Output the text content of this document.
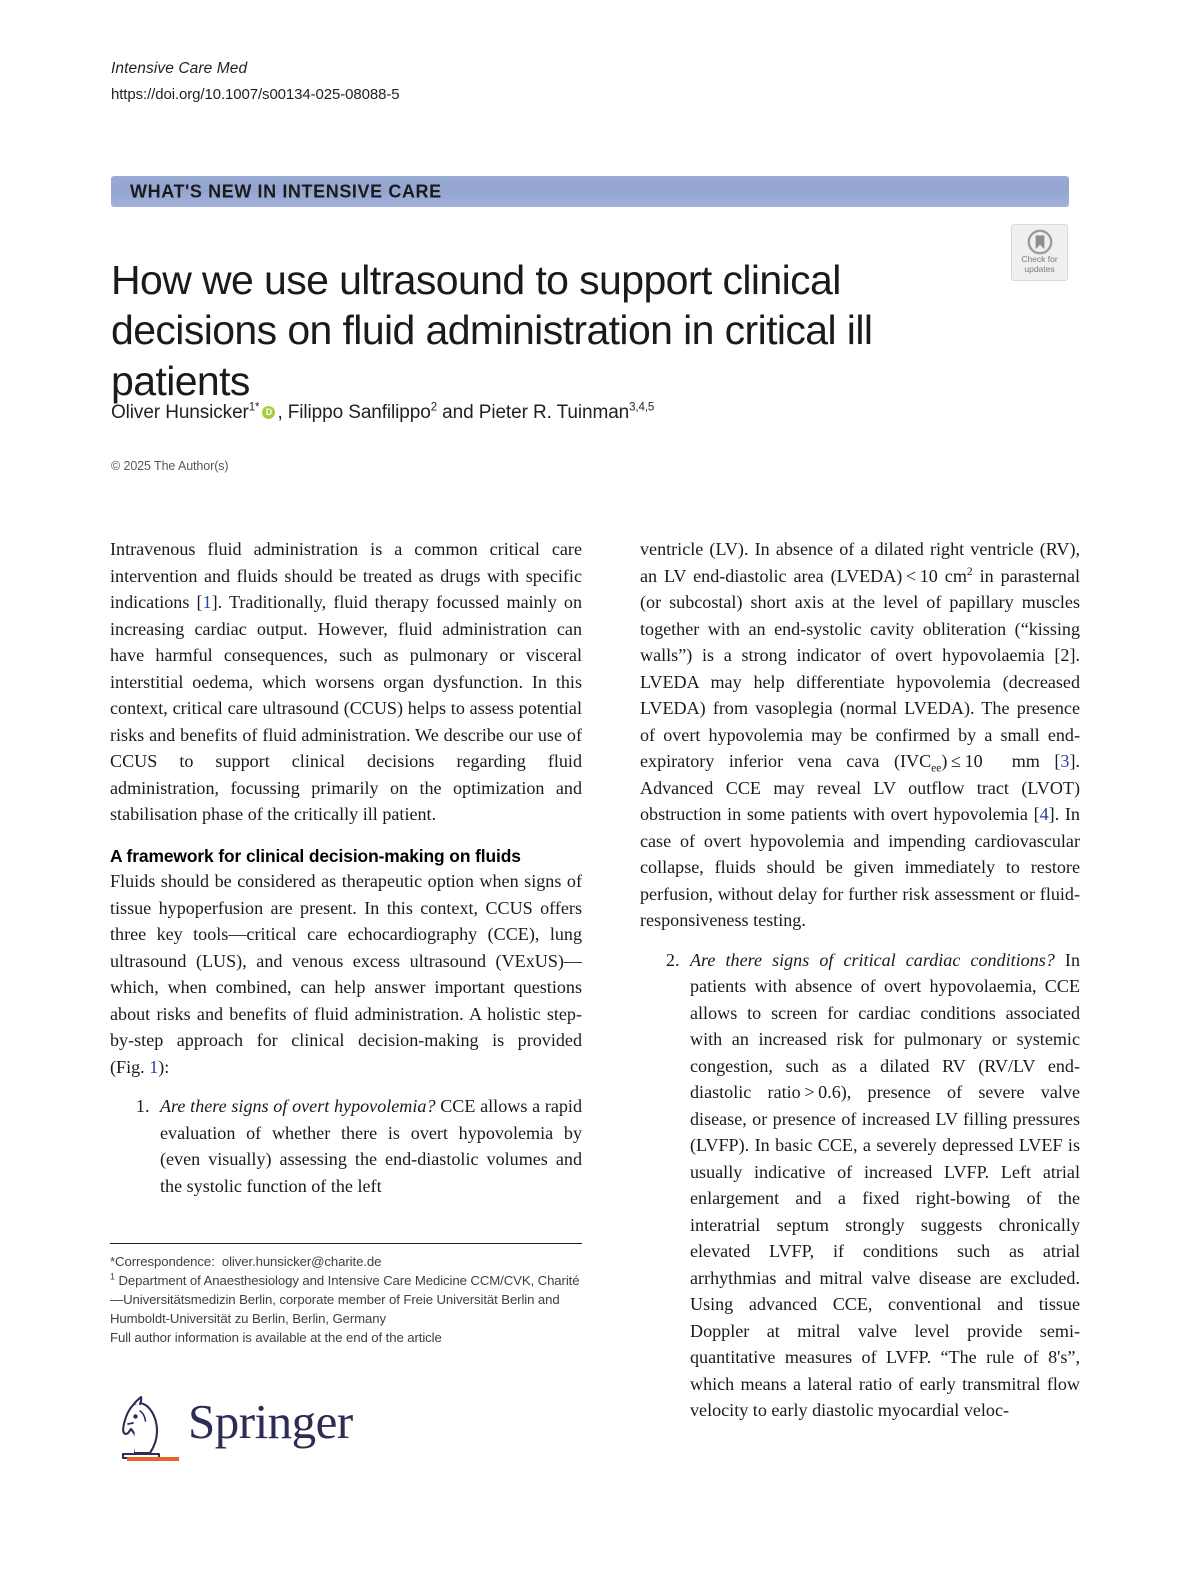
Intensive Care Med
https://doi.org/10.1007/s00134-025-08088-5
WHAT'S NEW IN INTENSIVE CARE
Check for
updates
How we use ultrasound to support clinical decisions on fluid administration in critical ill patients
Oliver Hunsicker$^{1*}$ D , Filippo Sanfilippo$^2$ and Pieter R. Tuinman$^{3,4,5}$
© 2025 The Author(s)

Intravenous fluid administration is a common critical care intervention and fluids should be treated as drugs with specific indications [1]. Traditionally, fluid therapy focussed mainly on increasing cardiac output. However, fluid administration can have harmful consequences, such as pulmonary or visceral interstitial oedema, which worsens organ dysfunction. In this context, critical care ultrasound (CCUS) helps to assess potential risks and benefits of fluid administration. We describe our use of CCUS to support clinical decisions regarding fluid administration, focussing primarily on the optimization and stabilisation phase of the critically ill patient.

A framework for clinical decision-making on fluids

Fluids should be considered as therapeutic option when signs of tissue hypoperfusion are present. In this context, CCUS offers three key tools—critical care echocardiography (CCE), lung ultrasound (LUS), and venous excess ultrasound (VExUS)—which, when combined, can help answer important questions about risks and benefits of fluid administration. A holistic step-by-step approach for clinical decision-making is provided (Fig. 1):

1. Are there signs of overt hypovolemia? CCE allows a rapid evaluation of whether there is overt hypovolemia by (even visually) assessing the end-diastolic volumes and the systolic function of the left

ventricle (LV). In absence of a dilated right ventricle (RV), an LV end-diastolic area (LVEDA) < 10 $cm^2$ in parasternal (or subcostal) short axis at the level of papillary muscles together with an end-systolic cavity obliteration (“kissing walls”) is a strong indicator of overt hypovolaemia [2]. LVEDA may help differentiate hypovolemia (decreased LVEDA) from vasoplegia (normal LVEDA). The presence of overt hypovolemia may be confirmed by a small end-expiratory inferior vena cava $(IVC_{ee}) \le 10$  mm [3]. Advanced CCE may reveal LV outflow tract (LVOT) obstruction in some patients with overt hypovolemia [4]. In case of overt hypovolemia and impending cardiovascular collapse, fluids should be given immediately to restore perfusion, without delay for further risk assessment or fluid-responsiveness testing.

2. Are there signs of critical cardiac conditions? In patients with absence of overt hypovolaemia, CCE allows to screen for cardiac conditions associated with an increased risk for pulmonary or systemic congestion, such as a dilated RV (RV/LV end-diastolic ratio > 0.6), presence of severe valve disease, or presence of increased LV filling pressures (LVFP). In basic CCE, a severely depressed LVEF is usually indicative of increased LVFP. Left atrial enlargement and a fixed right-bowing of the interatrial septum strongly suggests chronically elevated LVFP, if conditions such as atrial arrhythmias and mitral valve disease are excluded. Using advanced CCE, conventional and tissue Doppler at mitral valve level provide semi-quantitative measures of LVFP. “The rule of 8's”, which means a lateral ratio of early transmitral flow velocity to early diastolic myocardial veloc-
*Correspondence: oliver.hunsicker@charite.de
$^1$ Department of Anaesthesiology and Intensive Care Medicine CCM/CVK, Charité—Universitätsmedizin Berlin, corporate member of Freie Universität Berlin and Humboldt-Universität zu Berlin, Berlin, Germany
Full author information is available at the end of the article
Springer
